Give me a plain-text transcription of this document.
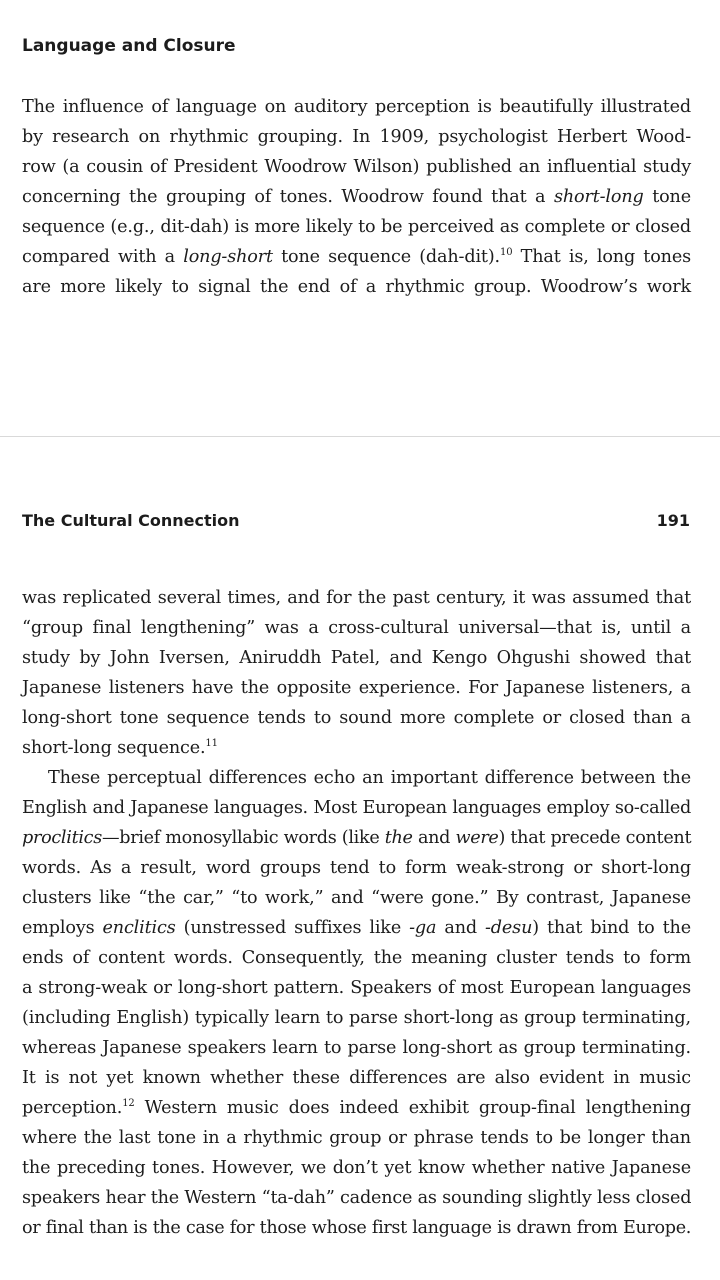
Language and Closure
The influence of language on auditory perception is beautifully illustrated
by research on rhythmic grouping. In 1909, psychologist Herbert Wood-
row (a cousin of President Woodrow Wilson) published an influential study
concerning the grouping of tones. Woodrow found that a short-long tone
sequence (e.g., dit-dah) is more likely to be perceived as complete or closed
compared with a long-short tone sequence (dah-dit).$^{10}$ That is, long tones
are more likely to signal the end of a rhythmic group. Woodrow’s work
The Cultural Connection	191
was replicated several times, and for the past century, it was assumed that
“group final lengthening” was a cross-cultural universal—that is, until a
study by John Iversen, Aniruddh Patel, and Kengo Ohgushi showed that
Japanese listeners have the opposite experience. For Japanese listeners, a
long-short tone sequence tends to sound more complete or closed than a
short-long sequence.$^{11}$
These perceptual differences echo an important difference between the
English and Japanese languages. Most European languages employ so-called
proclitics—brief monosyllabic words (like the and were) that precede content
words. As a result, word groups tend to form weak-strong or short-long
clusters like “the car,” “to work,” and “were gone.” By contrast, Japanese
employs enclitics (unstressed suffixes like -ga and -desu) that bind to the
ends of content words. Consequently, the meaning cluster tends to form
a strong-weak or long-short pattern. Speakers of most European languages
(including English) typically learn to parse short-long as group terminating,
whereas Japanese speakers learn to parse long-short as group terminating.
It is not yet known whether these differences are also evident in music
perception.$^{12}$ Western music does indeed exhibit group-final lengthening
where the last tone in a rhythmic group or phrase tends to be longer than
the preceding tones. However, we don’t yet know whether native Japanese
speakers hear the Western “ta-dah” cadence as sounding slightly less closed
or final than is the case for those whose first language is drawn from Europe.
